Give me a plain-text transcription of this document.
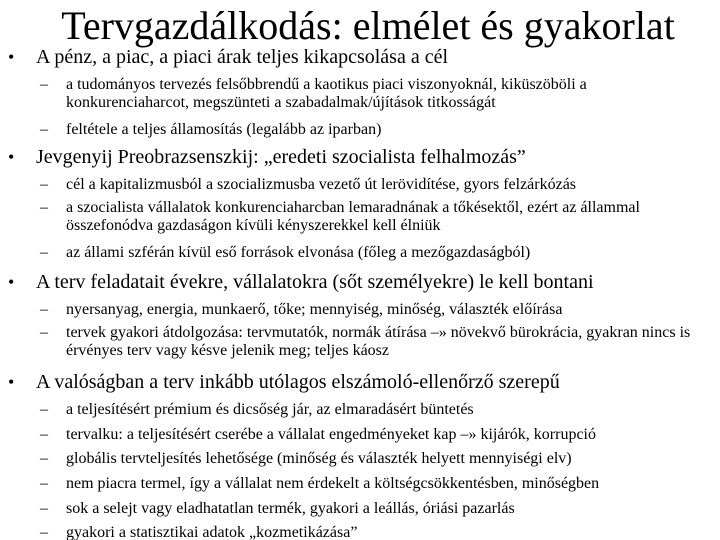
Tervgazdálkodás: elmélet és gyakorlat
• A pénz, a piac, a piaci árak teljes kikapcsolása a cél
– a tudományos tervezés felsőbbrendű a kaotikus piaci viszonyoknál, kiküszöböli a konkurenciaharcot, megszünteti a szabadalmak/újítások titkosságát
– feltétele a teljes államosítás (legalább az iparban)
• Jevgenyij Preobrazsenszkij: „eredeti szocialista felhalmozás”
– cél a kapitalizmusból a szocializmusba vezető út lerövidítése, gyors felzárkózás
– a szocialista vállalatok konkurenciaharcban lemaradnának a tőkésektől, ezért az állammal összefonódva gazdaságon kívüli kényszerekkel kell élniük
– az állami szférán kívül eső források elvonása (főleg a mezőgazdaságból)
• A terv feladatait évekre, vállalatokra (sőt személyekre) le kell bontani
– nyersanyag, energia, munkaerő, tőke; mennyiség, minőség, választék előírása
– tervek gyakori átdolgozása: tervmutatók, normák átírása –» növekvő bürokrácia, gyakran nincs is érvényes terv vagy késve jelenik meg; teljes káosz
• A valóságban a terv inkább utólagos elszámoló-ellenőrző szerepű
– a teljesítésért prémium és dicsőség jár, az elmaradásért büntetés
– tervalku: a teljesítésért cserébe a vállalat engedményeket kap –» kijárók, korrupció
– globális tervteljesítés lehetősége (minőség és választék helyett mennyiségi elv)
– nem piacra termel, így a vállalat nem érdekelt a költségcsökkentésben, minőségben
– sok a selejt vagy eladhatatlan termék, gyakori a leállás, óriási pazarlás
– gyakori a statisztikai adatok „kozmetikázása”
